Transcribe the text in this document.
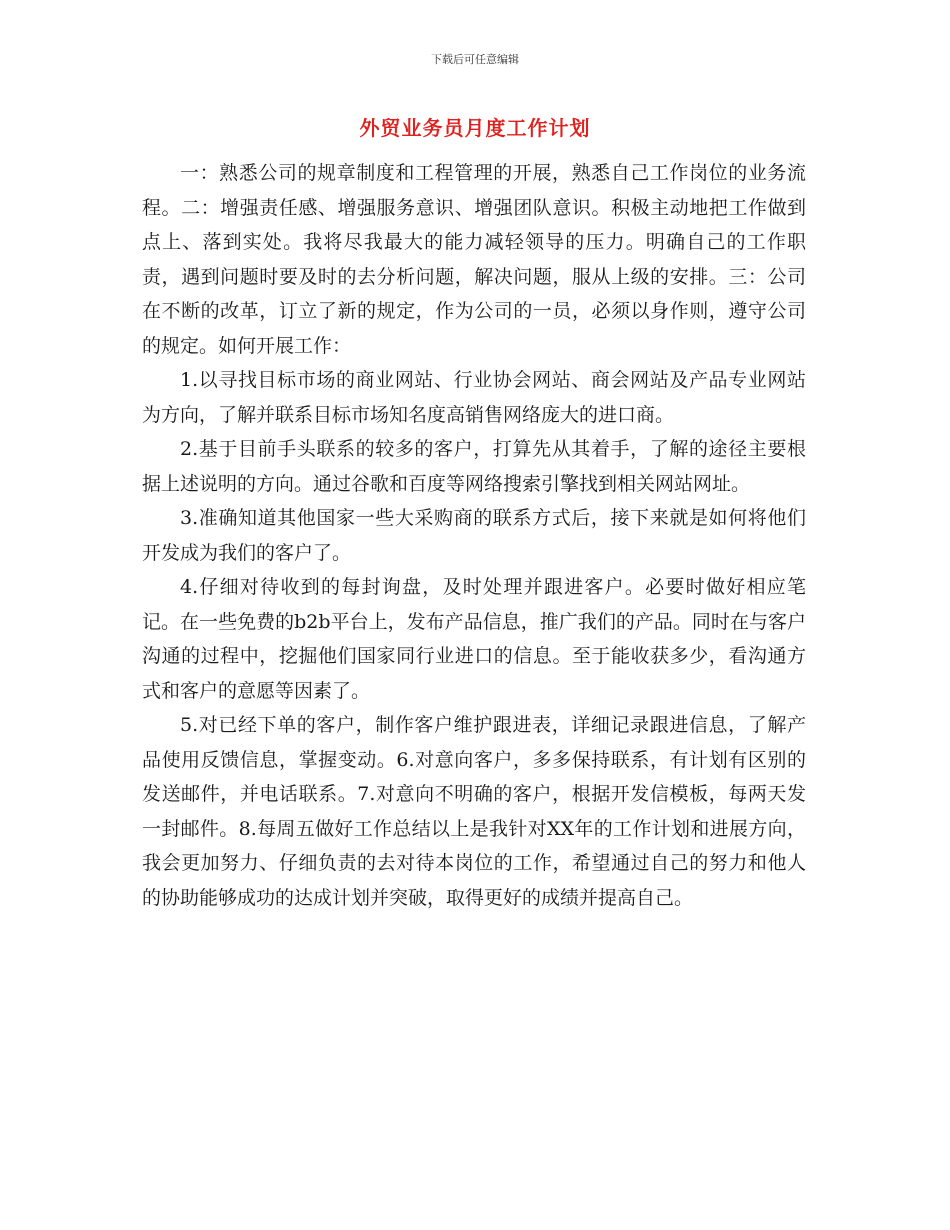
下载后可任意编辑
外贸业务员月度工作计划

一：熟悉公司的规章制度和工程管理的开展，熟悉自己工作岗位的业务流程。二：增强责任感、增强服务意识、增强团队意识。积极主动地把工作做到点上、落到实处。我将尽我最大的能力减轻领导的压力。明确自己的工作职责，遇到问题时要及时的去分析问题，解决问题，服从上级的安排。三：公司在不断的改革，订立了新的规定，作为公司的一员，必须以身作则，遵守公司的规定。如何开展工作：

1.以寻找目标市场的商业网站、行业协会网站、商会网站及产品专业网站为方向，了解并联系目标市场知名度高销售网络庞大的进口商。

2.基于目前手头联系的较多的客户，打算先从其着手，了解的途径主要根据上述说明的方向。通过谷歌和百度等网络搜索引擎找到相关网站网址。

3.准确知道其他国家一些大采购商的联系方式后，接下来就是如何将他们开发成为我们的客户了。

4.仔细对待收到的每封询盘，及时处理并跟进客户。必要时做好相应笔记。在一些免费的b2b平台上，发布产品信息，推广我们的产品。同时在与客户沟通的过程中，挖掘他们国家同行业进口的信息。至于能收获多少，看沟通方式和客户的意愿等因素了。

5.对已经下单的客户，制作客户维护跟进表，详细记录跟进信息，了解产品使用反馈信息，掌握变动。6.对意向客户，多多保持联系，有计划有区别的发送邮件，并电话联系。7.对意向不明确的客户，根据开发信模板，每两天发一封邮件。8.每周五做好工作总结以上是我针对XX年的工作计划和进展方向，我会更加努力、仔细负责的去对待本岗位的工作，希望通过自己的努力和他人的协助能够成功的达成计划并突破，取得更好的成绩并提高自己。
